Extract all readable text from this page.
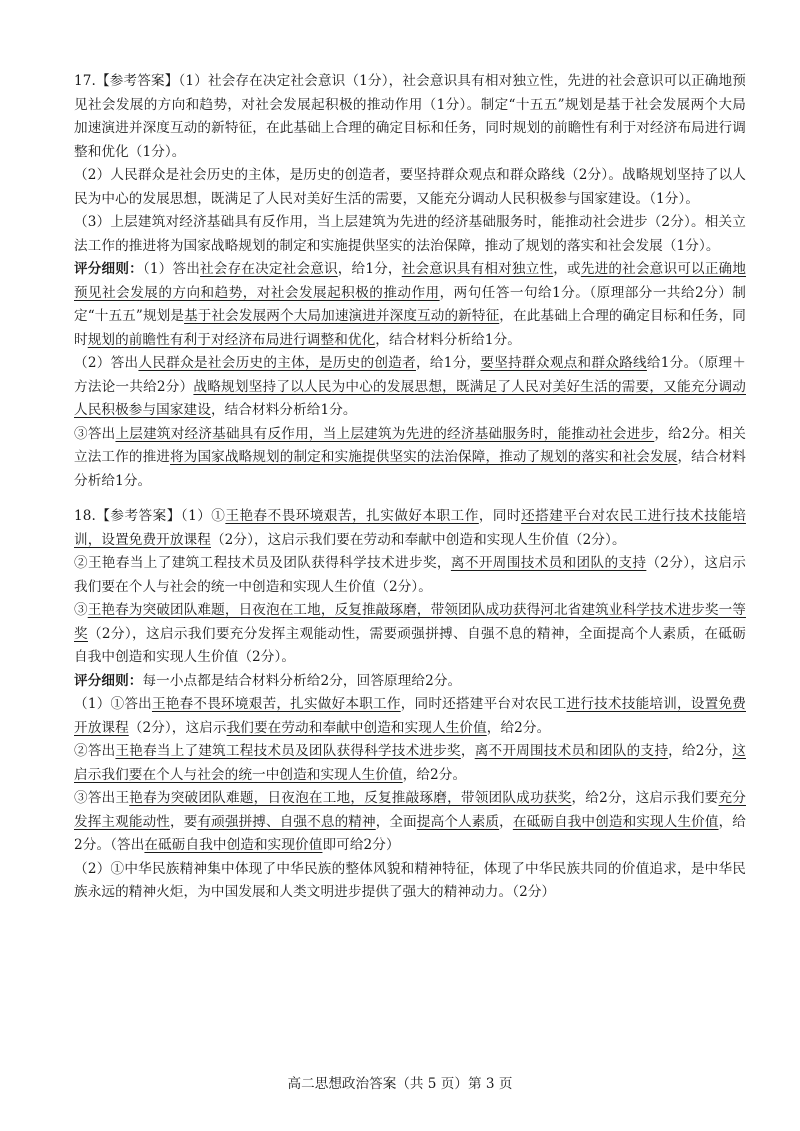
17.【参考答案】（1）社会存在决定社会意识（1分），社会意识具有相对独立性，先进的社会意识可以正确地预见社会发展的方向和趋势，对社会发展起积极的推动作用（1分）。制定“十五五”规划是基于社会发展两个大局加速演进并深度互动的新特征，在此基础上合理的确定目标和任务，同时规划的前瞻性有利于对经济布局进行调整和优化（1分）。

（2）人民群众是社会历史的主体，是历史的创造者，要坚持群众观点和群众路线（2分）。战略规划坚持了以人民为中心的发展思想，既满足了人民对美好生活的需要，又能充分调动人民积极参与国家建设。（1分）。

（3）上层建筑对经济基础具有反作用，当上层建筑为先进的经济基础服务时，能推动社会进步（2分）。相关立法工作的推进将为国家战略规划的制定和实施提供坚实的法治保障，推动了规划的落实和社会发展（1分）。

评分细则：（1）答出社会存在决定社会意识，给1分，社会意识具有相对独立性，或先进的社会意识可以正确地预见社会发展的方向和趋势，对社会发展起积极的推动作用，两句任答一句给1分。（原理部分一共给2分）制定“十五五”规划是基于社会发展两个大局加速演进并深度互动的新特征，在此基础上合理的确定目标和任务，同时规划的前瞻性有利于对经济布局进行调整和优化，结合材料分析给1分。

（2）答出人民群众是社会历史的主体，是历史的创造者，给1分，要坚持群众观点和群众路线给1分。（原理＋方法论一共给2分）战略规划坚持了以人民为中心的发展思想，既满足了人民对美好生活的需要，又能充分调动人民积极参与国家建设，结合材料分析给1分。

③答出上层建筑对经济基础具有反作用，当上层建筑为先进的经济基础服务时，能推动社会进步，给2分。相关立法工作的推进将为国家战略规划的制定和实施提供坚实的法治保障，推动了规划的落实和社会发展，结合材料分析给1分。

18.【参考答案】（1）①王艳春不畏环境艰苦，扎实做好本职工作，同时还搭建平台对农民工进行技术技能培训，设置免费开放课程（2分），这启示我们要在劳动和奉献中创造和实现人生价值（2分）。

②王艳春当上了建筑工程技术员及团队获得科学技术进步奖，离不开周围技术员和团队的支持（2分），这启示我们要在个人与社会的统一中创造和实现人生价值（2分）。

③王艳春为突破团队难题，日夜泡在工地，反复推敲琢磨，带领团队成功获得河北省建筑业科学技术进步奖一等奖（2分），这启示我们要充分发挥主观能动性，需要顽强拼搏、自强不息的精神，全面提高个人素质，在砥砺自我中创造和实现人生价值（2分）。

评分细则：每一小点都是结合材料分析给2分，回答原理给2分。

（1）①答出王艳春不畏环境艰苦，扎实做好本职工作，同时还搭建平台对农民工进行技术技能培训，设置免费开放课程（2分），这启示我们要在劳动和奉献中创造和实现人生价值，给2分。

②答出王艳春当上了建筑工程技术员及团队获得科学技术进步奖，离不开周围技术员和团队的支持，给2分，这启示我们要在个人与社会的统一中创造和实现人生价值，给2分。

③答出王艳春为突破团队难题，日夜泡在工地，反复推敲琢磨，带领团队成功获奖，给2分，这启示我们要充分发挥主观能动性，要有顽强拼搏、自强不息的精神，全面提高个人素质，在砥砺自我中创造和实现人生价值，给2分。（答出在砥砺自我中创造和实现价值即可给2分）

（2）①中华民族精神集中体现了中华民族的整体风貌和精神特征，体现了中华民族共同的价值追求，是中华民族永远的精神火炬，为中国发展和人类文明进步提供了强大的精神动力。（2分）

高二思想政治答案（共 5 页）第 3 页
